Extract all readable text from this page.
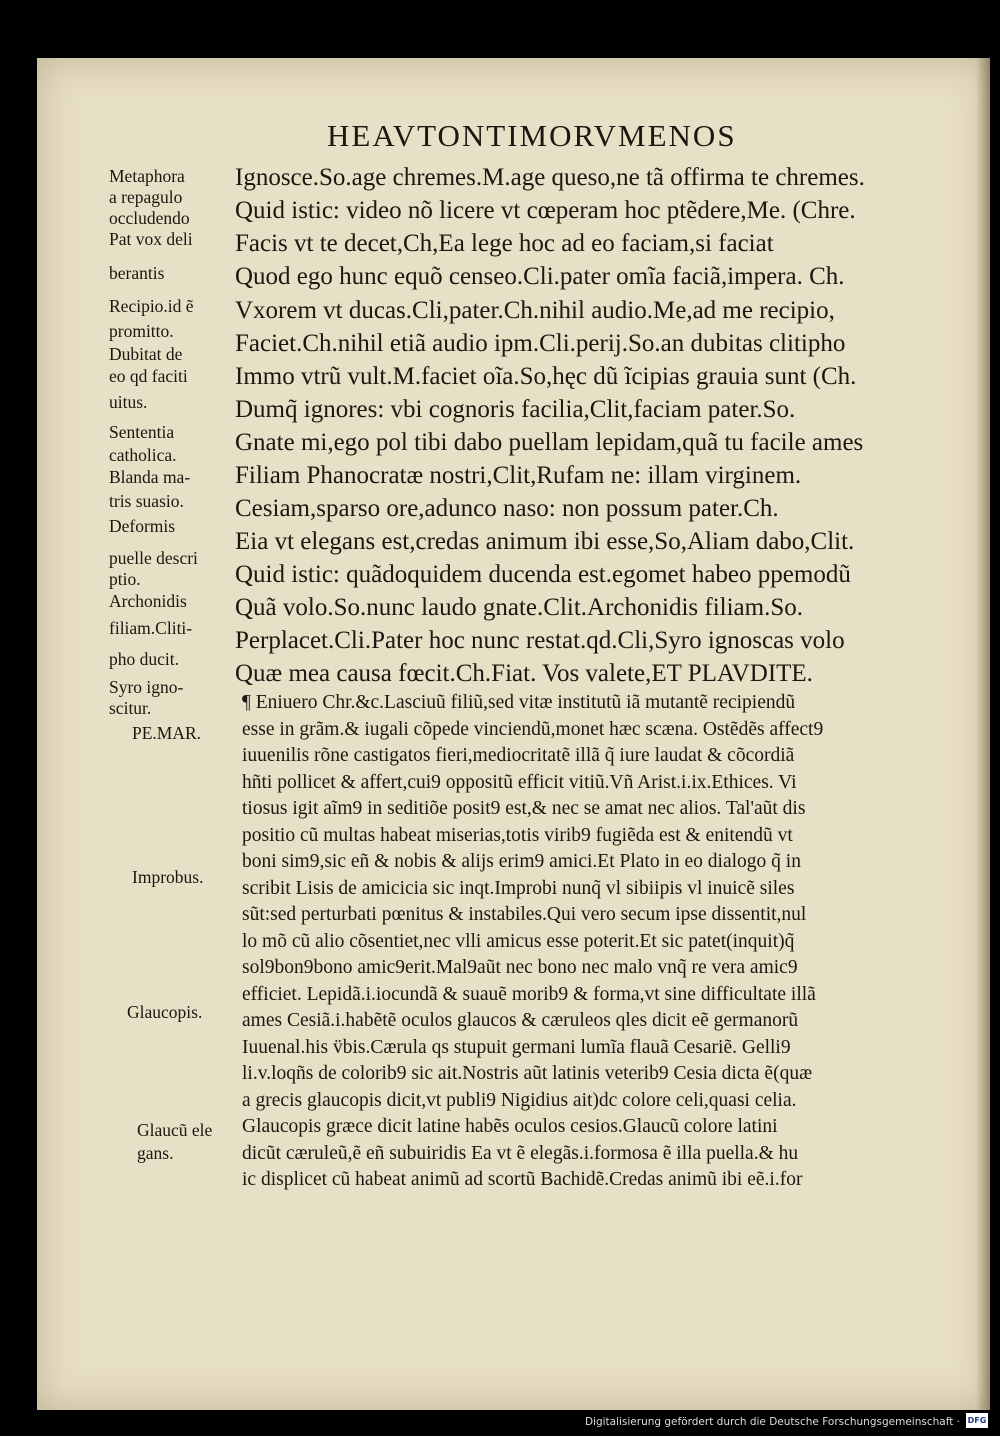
HEAVTONTIMORVMENOS
Ignosce.So.age chremes.M.age queso,ne tã offirma te chremes.
Quid istic: video nõ licere vt cœperam hoc ptẽdere,Me. (Chre.
Facis vt te decet,Ch,Ea lege hoc ad eo faciam,si faciat
Quod ego hunc equõ censeo.Cli.pater omĩa faciã,impera. Ch.
Vxorem vt ducas.Cli,pater.Ch.nihil audio.Me,ad me recipio,
Faciet.Ch.nihil etiã audio ipm.Cli.perij.So.an dubitas clitipho
Immo vtrũ vult.M.faciet oĩa.So,hęc dũ ĩcipias grauia sunt (Ch.
Dumq̃ ignores: vbi cognoris facilia,Clit,faciam pater.So.
Gnate mi,ego pol tibi dabo puellam lepidam,quã tu facile ames
Filiam Phanocratæ nostri,Clit,Rufam ne: illam virginem.
Cesiam,sparso ore,adunco naso: non possum pater.Ch.
Eia vt elegans est,credas animum ibi esse,So,Aliam dabo,Clit.
Quid istic: quãdoquidem ducenda est.egomet habeo ppemodũ
Quã volo.So.nunc laudo gnate.Clit.Archonidis filiam.So.
Perplacet.Cli.Pater hoc nunc restat.qd.Cli,Syro ignoscas volo
Quæ mea causa fœcit.Ch.Fiat. Vos valete,ET PLAVDITE.
¶ Eniuero Chr.&c.Lasciuũ filiũ,sed vitæ institutũ iã mutantẽ recipiendũ
esse in grãm.& iugali cõpede vinciendũ,monet hæc scæna. Ostẽdẽs affect9
iuuenilis rõne castigatos fieri,mediocritatẽ illã q̃ iure laudat & cõcordiã
hñti pollicet & affert,cui9 oppositũ efficit vitiũ.Vñ Arist.i.ix.Ethices. Vi
tiosus igit aĩm9 in seditiõe posit9 est,& nec se amat nec alios. Tal'aũt dis
positio cũ multas habeat miserias,totis virib9 fugiẽda est & enitendũ vt
boni sim9,sic eñ & nobis & alijs erim9 amici.Et Plato in eo dialogo q̃ in
scribit Lisis de amicicia sic inqt.Improbi nunq̃ vl sibiipis vl inuicẽ siles
sũt:sed perturbati pœnitus & instabiles.Qui vero secum ipse dissentit,nul
lo mõ cũ alio cõsentiet,nec vlli amicus esse poterit.Et sic patet(inquit)q̃
sol9bon9bono amic9erit.Mal9aũt nec bono nec malo vnq̃ re vera amic9
efficiet. Lepidã.i.iocundã & suauẽ morib9 & forma,vt sine difficultate illã
ames Cesiã.i.habẽtẽ oculos glaucos & cæruleos qles dicit eẽ germanorũ
Iuuenal.his v̈bis.Cærula qs stupuit germani lumĩa flauã Cesariẽ. Gelli9
li.v.loqñs de colorib9 sic ait.Nostris aũt latinis veterib9 Cesia dicta ẽ(quæ
a grecis glaucopis dicit,vt publi9 Nigidius ait)dc colore celi,quasi celia.
Glaucopis græce dicit latine habẽs oculos cesios.Glaucũ colore latini
dicũt cæruleũ,ẽ eñ subuiridis Ea vt ẽ elegãs.i.formosa ẽ illa puella.& hu
ic displicet cũ habeat animũ ad scortũ Bachidẽ.Credas animũ ibi eẽ.i.for
Metaphora
a repagulo
occludendo
Pat vox deli
berantis
Recipio.id ẽ
promitto.
Dubitat de
eo qd faciti
uitus.
Sententia
catholica.
Blanda ma-
tris suasio.
Deformis
puelle descri
ptio.
Archonidis
filiam.Cliti-
pho ducit.
Syro igno-
scitur.
PE.MAR.
Improbus.
Glaucopis.
Glaucũ ele
gans.
Digitalisierung gefördert durch die Deutsche Forschungsgemeinschaft · DFG
